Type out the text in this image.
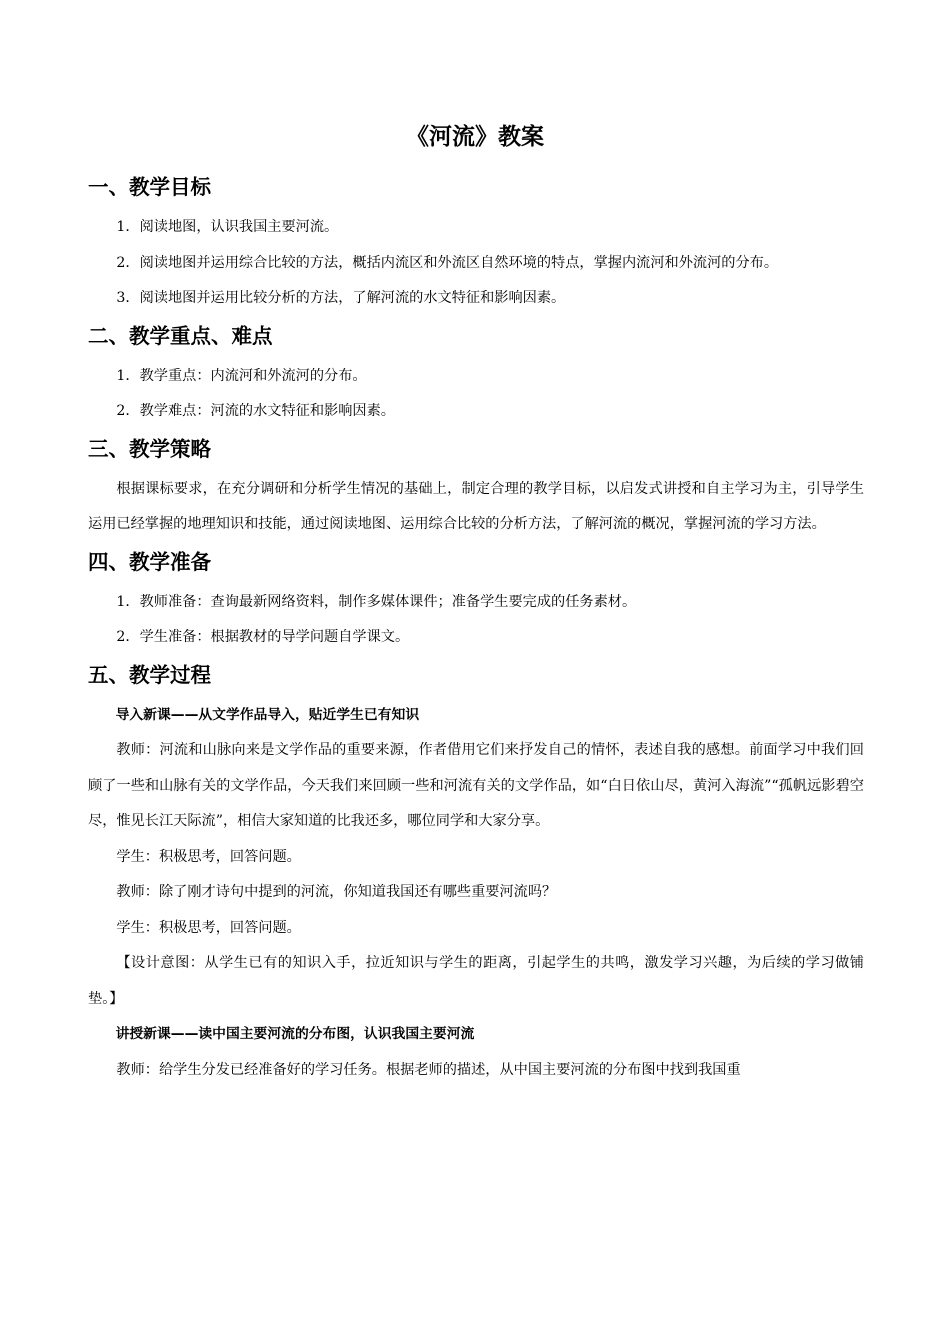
《河流》教案
一、教学目标

1．阅读地图，认识我国主要河流。

2．阅读地图并运用综合比较的方法，概括内流区和外流区自然环境的特点，掌握内流河和外流河的分布。

3．阅读地图并运用比较分析的方法，了解河流的水文特征和影响因素。

二、教学重点、难点

1．教学重点：内流河和外流河的分布。

2．教学难点：河流的水文特征和影响因素。

三、教学策略

根据课标要求，在充分调研和分析学生情况的基础上，制定合理的教学目标，以启发式讲授和自主学习为主，引导学生运用已经掌握的地理知识和技能，通过阅读地图、运用综合比较的分析方法，了解河流的概况，掌握河流的学习方法。

四、教学准备

1．教师准备：查询最新网络资料，制作多媒体课件；准备学生要完成的任务素材。

2．学生准备：根据教材的导学问题自学课文。

五、教学过程

导入新课——从文学作品导入，贴近学生已有知识

教师：河流和山脉向来是文学作品的重要来源，作者借用它们来抒发自己的情怀，表述自我的感想。前面学习中我们回顾了一些和山脉有关的文学作品，今天我们来回顾一些和河流有关的文学作品，如“白日依山尽，黄河入海流”“孤帆远影碧空尽，惟见长江天际流”，相信大家知道的比我还多，哪位同学和大家分享。

学生：积极思考，回答问题。

教师：除了刚才诗句中提到的河流，你知道我国还有哪些重要河流吗？

学生：积极思考，回答问题。

【设计意图：从学生已有的知识入手，拉近知识与学生的距离，引起学生的共鸣，激发学习兴趣，为后续的学习做铺垫。】

讲授新课——读中国主要河流的分布图，认识我国主要河流

教师：给学生分发已经准备好的学习任务。根据老师的描述，从中国主要河流的分布图中找到我国重
